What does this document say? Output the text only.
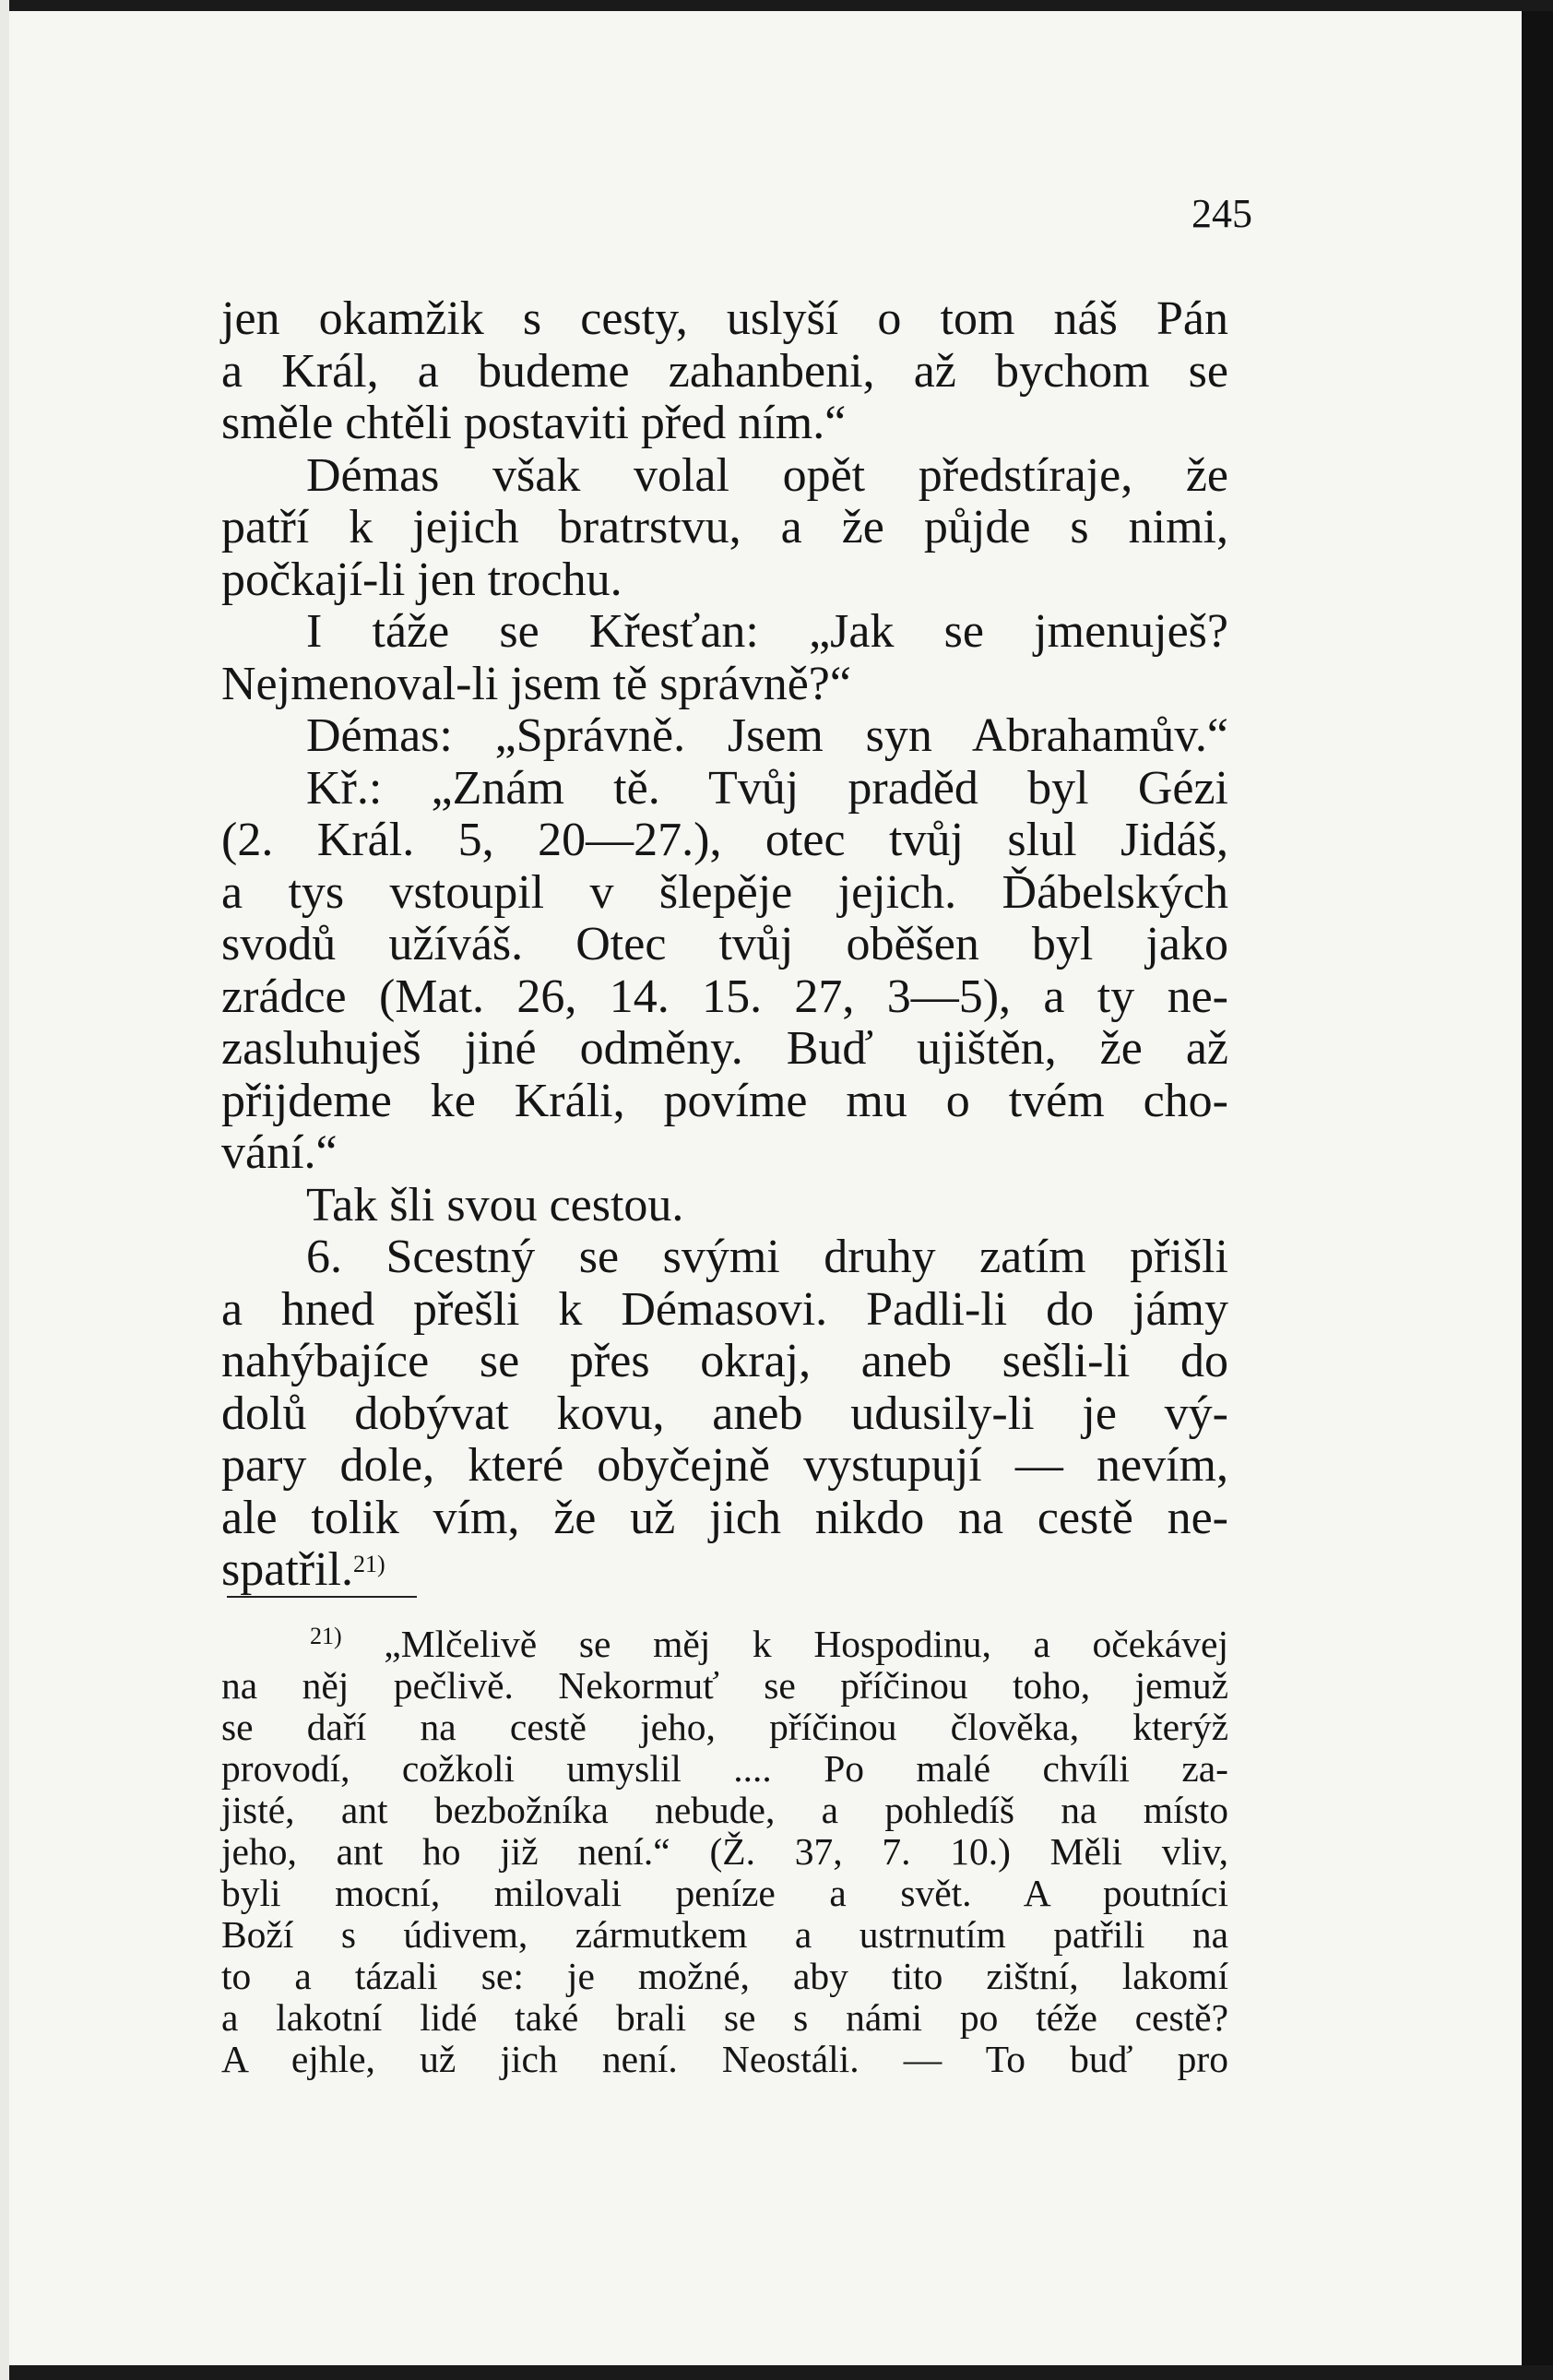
245
jen okamžik s cesty, uslyší o tom náš Pán
a Král, a budeme zahanbeni, až bychom se
směle chtěli postaviti před ním.“
Démas však volal opět předstíraje, že
patří k jejich bratrstvu, a že půjde s nimi,
počkají-li jen trochu.
I táže se Křesťan: „Jak se jmenuješ?
Nejmenoval-li jsem tě správně?“
Démas: „Správně. Jsem syn Abrahamův.“
Kř.: „Znám tě. Tvůj praděd byl Gézi
(2. Král. 5, 20—27.), otec tvůj slul Jidáš,
a tys vstoupil v šlepěje jejich. Ďábelských
svodů užíváš. Otec tvůj oběšen byl jako
zrádce (Mat. 26, 14. 15. 27, 3—5), a ty ne-
zasluhuješ jiné odměny. Buď ujištěn, že až
přijdeme ke Králi, povíme mu o tvém cho-
vání.“
Tak šli svou cestou.
6. Scestný se svými druhy zatím přišli
a hned přešli k Démasovi. Padli-li do jámy
nahýbajíce se přes okraj, aneb sešli-li do
dolů dobývat kovu, aneb udusily-li je vý-
pary dole, které obyčejně vystupují — nevím,
ale tolik vím, že už jich nikdo na cestě ne-
spatřil.$^{21)}$
$^{21)}$ „Mlčelivě se měj k Hospodinu, a očekávej
na něj pečlivě. Nekormuť se příčinou toho, jemuž
se daří na cestě jeho, příčinou člověka, kterýž
provodí, cožkoli umyslil .... Po malé chvíli za-
jisté, ant bezbožníka nebude, a pohledíš na místo
jeho, ant ho již není.“ (Ž. 37, 7. 10.) Měli vliv,
byli mocní, milovali peníze a svět. A poutníci
Boží s údivem, zármutkem a ustrnutím patřili na
to a tázali se: je možné, aby tito zištní, lakomí
a lakotní lidé také brali se s námi po téže cestě?
A ejhle, už jich není. Neostáli. — To buď pro
